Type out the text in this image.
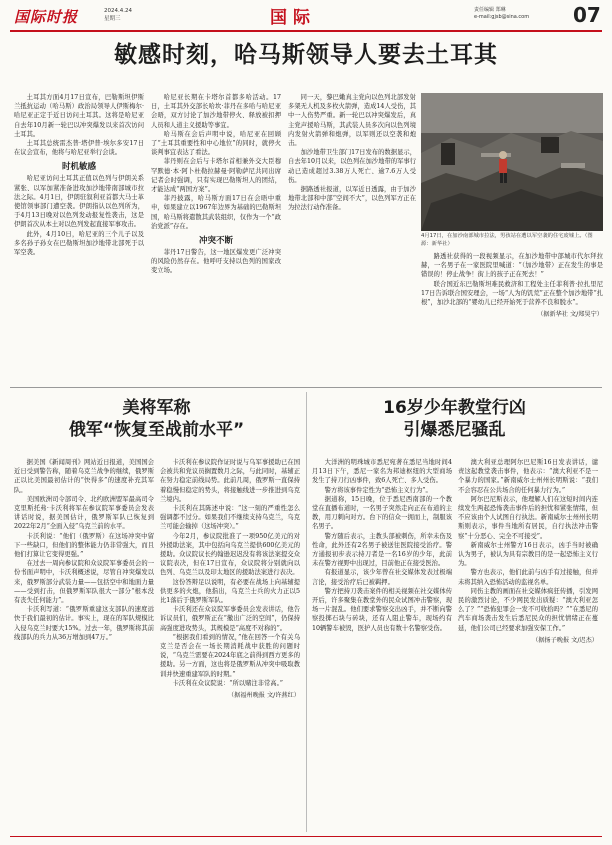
国际时报	2024.4.24
星期三	国际	责任编辑 郑琳
e-mail:gjsb@sina.com 07
敏感时刻，哈马斯领导人要去土耳其

土耳其方面4月17日宣布，巴勒斯坦伊斯兰抵抗运动（哈马斯）政治局领导人伊斯梅尔·哈尼亚正定于近日访问土耳其。这将是哈尼亚自去年10月新一轮巴以冲突爆发以来首次访问土耳其。

土耳其总统雷杰普·塔伊普·埃尔多安17日在议会宣布，他将与哈尼亚举行会谈。

时机敏感

哈尼亚访问土耳其正值以色列与伊朗关系紧张、以军加紧准备进攻加沙地带南部城市拉法之际。4月1日，伊朗驻叙利亚首都大马士革使馆领事部门遭空袭。伊朗指认以色列所为，于4月13日晚对以色列发动报复性袭击，这是伊朗首次从本土对以色列发起直接军事攻击。

此外，4月10日，哈尼亚的三个儿子以及多名孙子孙女在巴勒斯坦加沙地带北部死于以军空袭。

哈尼亚长期在卡塔尔首都多哈活动。17日，土耳其外交部长哈坎·菲丹在多哈与哈尼亚会晤，双方讨论了加沙地带停火、释放被扣押人员和人道主义援助等事宜。

哈马斯在会后声明中说，哈尼亚在回顾了“土耳其重要性和中心地位”的同时，就停火谈判事宜表达了看法。

菲丹则在会后与卡塔尔首相兼外交大臣穆罕默德·本·阿卜杜勒拉赫曼·阿勒萨尼共同出席记者会时强调，只有实现巴勒斯坦人的团结，才能达成“两国方案”。

菲丹披露，哈马斯方面17日在会晤中重申，如果建立以1967年边界为基础的巴勒斯坦国，哈马斯将遣散其武装组织，仅作为一个“政治党派”存在。

冲突不断

菲丹17日警告，这一地区爆发更广泛冲突的风险仍然存在。他呼吁支持以色列的国家改变立场。

同一天，黎巴嫩真主党向以色列北部发射多架无人机及多枚火箭弹，造成14人受伤，其中一人伤势严重。新一轮巴以冲突爆发后，真主党声援哈马斯，其武装人员多次向以色列境内发射火箭弹和炮弹，以军则还以空袭和炮击。

加沙地带卫生部门17日发布的数据显示，自去年10月以来，以色列在加沙地带的军事行动已造成超过3.38万人死亡、逾7.6万人受伤。

据路透社报道，以军近日透露，由于加沙地带北部和中部“空间不大”，以色列军方正在为拉法行动作准备。

路透社获得的一段视频显示，在加沙地带中部城市代尔拜拉赫，一名男子在一家医院里喊道：“（加沙地带）正在发生的事是错误的！停止战争！街上的孩子正在死去！”

联合国近东巴勒斯坦难民救济和工程处主任菲利普·拉扎里尼17日告诉联合国安理会，一场“人为的饥荒”正在整个加沙地带“扎根”，加沙北部的“婴幼儿已经开始死于营养不良和脱水”。

（据新华社 文/郑昊宁）
4月17日，在加沙南部城市拉法，男孩站在遭以军空袭的住宅废墟上。（图源：新华社）
美将军称
俄军“恢复至战前水平”

据美国《新闻周刊》网站近日报道，美国国会近日受到警告称，随着乌克兰战争的继续，俄罗斯正以比美国最初估计的“快得多”的速度补充其军队。

美国欧洲司令部司令、北约欧洲盟军最高司令克里斯托弗·卡沃利将军在参议院军事委员会发表讲话时说，据美国估计，俄罗斯军队已恢复到2022年2月“全面入侵”乌克兰前的水平。

卡沃利说：“他们（俄罗斯）在这场冲突中留下一些缺口，但他们的整体能力仍非常强大，而且他们打算让它变得更强。”

在过去一周向参议院和众议院军事委员会的一份书面声明中，卡沃利概述说，尽管自冲突爆发以来，俄罗斯部分武装力量——包括空中和地面力量——受到打击，但俄罗斯军队很大一部分“根本没有丧失任何能力”。

卡沃利写道：“俄罗斯重建这支部队的速度远快于我们最初的估计。事实上，现在的军队规模比入侵乌克兰时要大15%。过去一年，俄罗斯将其前线部队的兵力从36万增加到47万。”

卡沃利在参议院作证时说与乌军事援助已在国会被共和党议员搁置数月之际，与此同时，基辅正在努力稳定前线局势。此前几周，俄罗斯一直保持着稳慢但稳定的势头，将接触线进一步推进到乌克兰境内。

卡沃利在其陈述中说：“这一刻的严重性怎么强调都不过分。如果我们不继续支持乌克兰，乌克兰可能会输掉（这场冲突）。”

今年2月，参议院批准了一项950亿美元的对外援助法案，其中包括向乌克兰提供600亿美元的援助。众议院议长约翰逊迟迟没有将该法案提交众议院表决，但在17日宣布，众议院将分别就向以色列、乌克兰以及印太地区的援助法案进行表决。

这份答辩足以说明，有必要在战场上向基辅提供更多的火炮，他指出，乌克兰士兵的火力正以5比1落后于俄罗斯军队。

卡沃利还在众议院军事委员会发表讲话，他告诉议员们，俄罗斯正在“撤出广泛的空间”，仍保持高强度进攻势头，其规模是“高度不对称的”。

“根据我们看到的情况，”他在回答一个有关乌克兰是否会在一场长期消耗战中获胜的问题时说，“乌克兰需要在2024年底之前得到西方更多的援助。另一方面，这也将是俄罗斯从冲突中吸取教训并快速重建军队的时期。”

卡沃利在众议院说：“所以赌注非常高。”

（据福州晚报 文/许燕红）
16岁少年教堂行凶
引爆悉尼骚乱

大洋洲的明珠城市悉尼宛著在悉尼当地时间4月13日下午，悉尼一家名为邦迪枢纽的大型商场发生了持刀行凶事件，致6人死亡、多人受伤。

警方将该事件定性为“恐怖主义行为”。

据道称，15日晚，位于悉尼西南部的一个教堂在直播布道时，一名男子突然走向正在布道的主教，用刀刺向对方。台下的信众一拥而上，制服该名男子。

警方随后表示，主教头部被刺伤，所幸未伤及性命，此外还有2名男子被送往医院接受治疗。警方通报初步表示持刀者是一名16岁的少年，此前未在警方视野中出现过，目前他正在接受医治。

有报道显示，该少年曾在社交媒体发表过极端言论，接受治疗后已被羁押。

警方把持刀袭击案件的相关视频在社交媒体传开后，许多聚集在教堂外的民众试图冲击警察，现场一片混乱。他们要求警察交出凶手，并不断向警察投掷石块与砖块，还有人阻止警车，现场约有10辆警车被毁，医护人员也有数十名警察受伤。

澳大利亚总理阿尔巴尼斯16日发表讲话，谴责这起教堂袭击事件，他表示：“澳大利亚不是一个暴力的国家。”新南威尔士州州长明斯说：“我们不会容忍在公共场合的任何暴力行为。”

阿尔巴尼斯表示，他理解人们在这短时间内连续发生两起恐怖袭击事件后的担忧和紧张情绪，但不应该由个人试图自行执法。新南威尔士州州长明斯则表示，事件当地所有居民，自行执法冲击警察“十分恶心、完全不可接受”。

新南威尔士州警方16日表示，凶手当时被确认为男子，被认为具有宗教目的是一起恐怖主义行为。

警方也表示，他们此前与凶手有过接触，但并未将其纳入恐怖活动的监视名单。

同伤主教的画面在社交媒体疯狂传播，引发网民的激烈讨论，不少网民发出质疑：“澳大利亚怎么了？”“恐怖犯罪会一发不可收拾吗？”“在悉尼的汽车商场袭击发生后悉尼民众的担忧情绪正在蔓延，他们公司已经要求加强安保工作。”

（据扬子晚报 文/迟杰）
